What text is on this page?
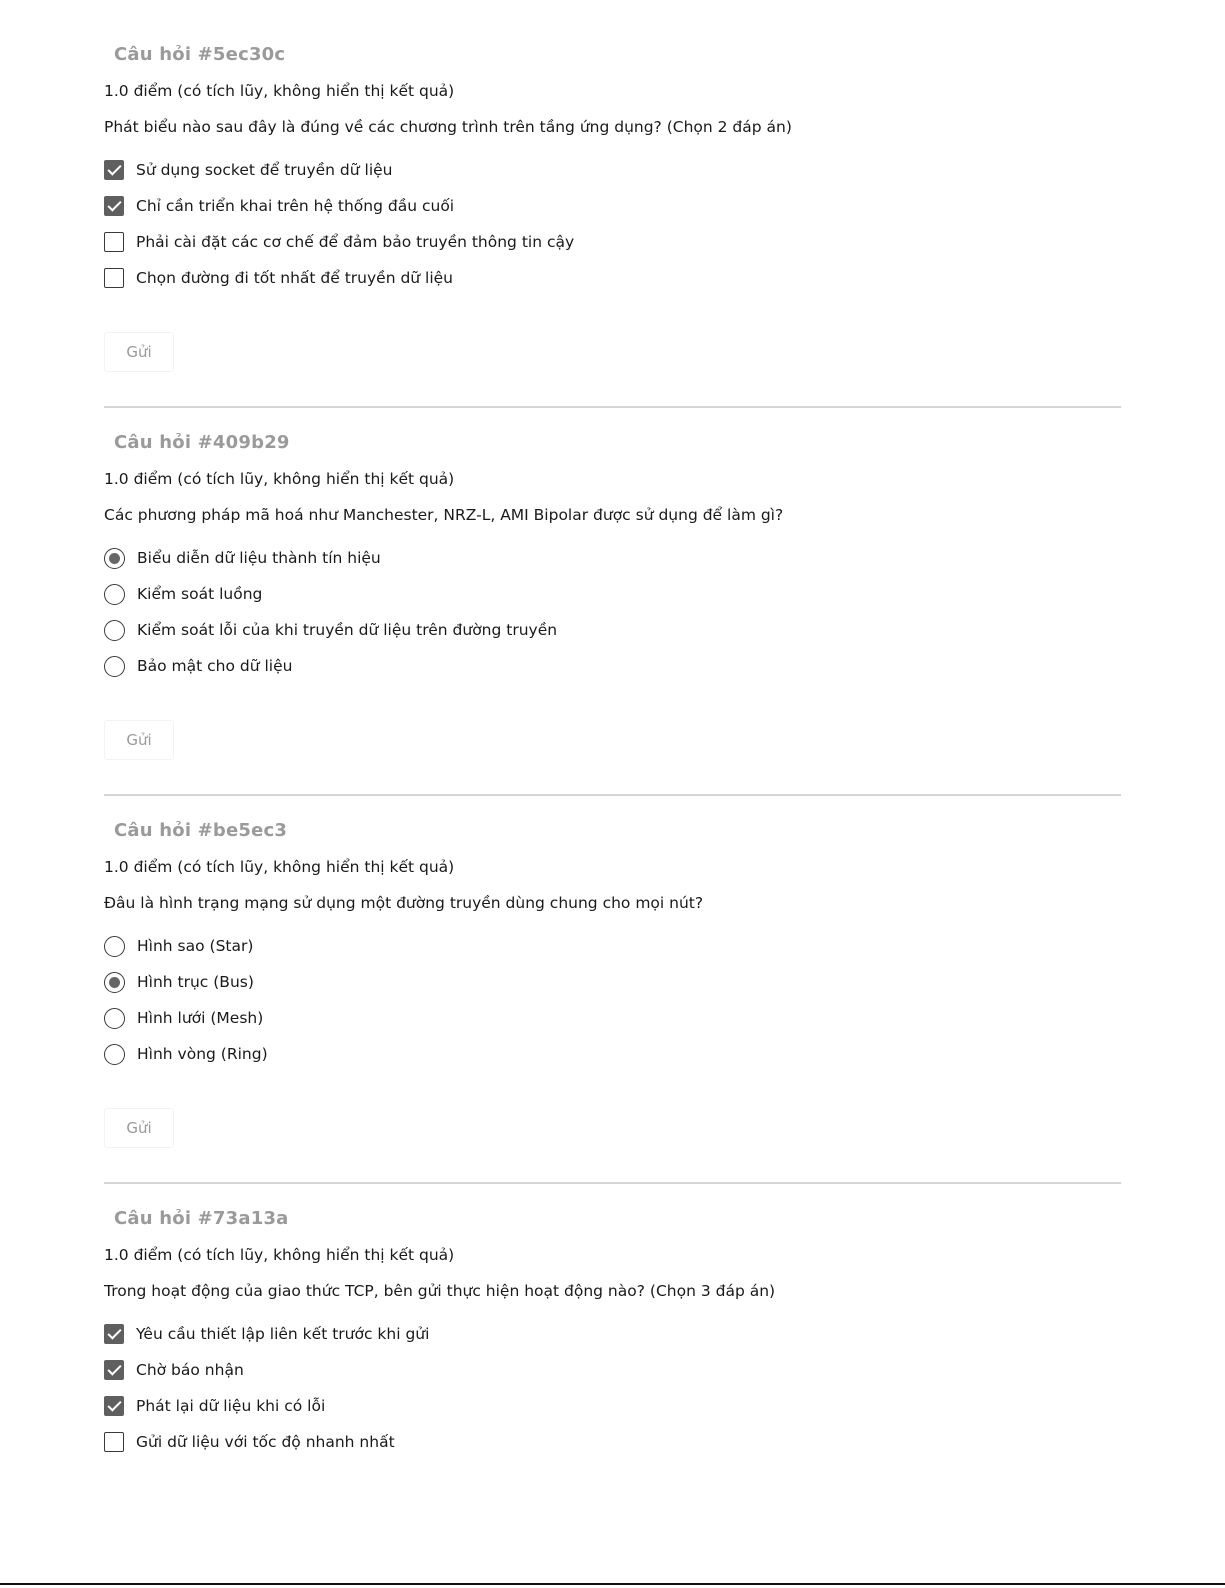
Câu hỏi #5ec30c
1.0 điểm (có tích lũy, không hiển thị kết quả)
Phát biểu nào sau đây là đúng về các chương trình trên tầng ứng dụng? (Chọn 2 đáp án)
Sử dụng socket để truyền dữ liệu
Chỉ cần triển khai trên hệ thống đầu cuối
Phải cài đặt các cơ chế để đảm bảo truyền thông tin cậy
Chọn đường đi tốt nhất để truyền dữ liệu
Gửi
Câu hỏi #409b29
1.0 điểm (có tích lũy, không hiển thị kết quả)
Các phương pháp mã hoá như Manchester, NRZ-L, AMI Bipolar được sử dụng để làm gì?
Biểu diễn dữ liệu thành tín hiệu
Kiểm soát luồng
Kiểm soát lỗi của khi truyền dữ liệu trên đường truyền
Bảo mật cho dữ liệu
Gửi
Câu hỏi #be5ec3
1.0 điểm (có tích lũy, không hiển thị kết quả)
Đâu là hình trạng mạng sử dụng một đường truyền dùng chung cho mọi nút?
Hình sao (Star)
Hình trục (Bus)
Hình lưới (Mesh)
Hình vòng (Ring)
Gửi
Câu hỏi #73a13a
1.0 điểm (có tích lũy, không hiển thị kết quả)
Trong hoạt động của giao thức TCP, bên gửi thực hiện hoạt động nào? (Chọn 3 đáp án)
Yêu cầu thiết lập liên kết trước khi gửi
Chờ báo nhận
Phát lại dữ liệu khi có lỗi
Gửi dữ liệu với tốc độ nhanh nhất
